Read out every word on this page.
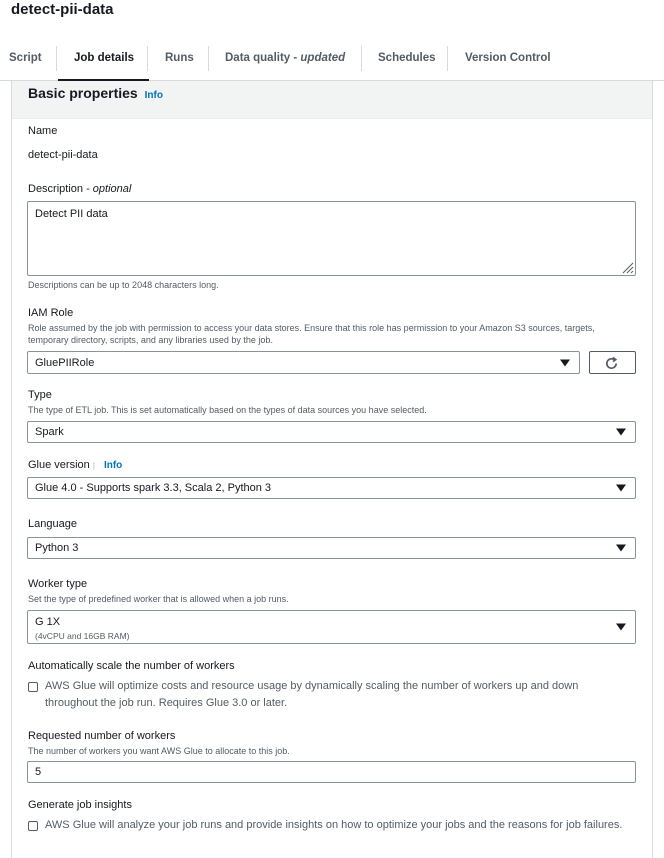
detect-pii-data
Script	Job details	Runs	Data quality - updated	Schedules	Version Control
Basic properties Info
Name
detect-pii-data
Description - optional
Detect PII data
Descriptions can be up to 2048 characters long.
IAM Role
Role assumed by the job with permission to access your data stores. Ensure that this role has permission to your Amazon S3 sources, targets, temporary directory, scripts, and any libraries used by the job.
GluePIIRole
Type
The type of ETL job. This is set automatically based on the types of data sources you have selected.
Spark
Glue version | Info
Glue 4.0 - Supports spark 3.3, Scala 2, Python 3
Language
Python 3
Worker type
Set the type of predefined worker that is allowed when a job runs.
G 1X
(4vCPU and 16GB RAM)
Automatically scale the number of workers
AWS Glue will optimize costs and resource usage by dynamically scaling the number of workers up and down throughout the job run. Requires Glue 3.0 or later.
Requested number of workers
The number of workers you want AWS Glue to allocate to this job.
5
Generate job insights
AWS Glue will analyze your job runs and provide insights on how to optimize your jobs and the reasons for job failures.
